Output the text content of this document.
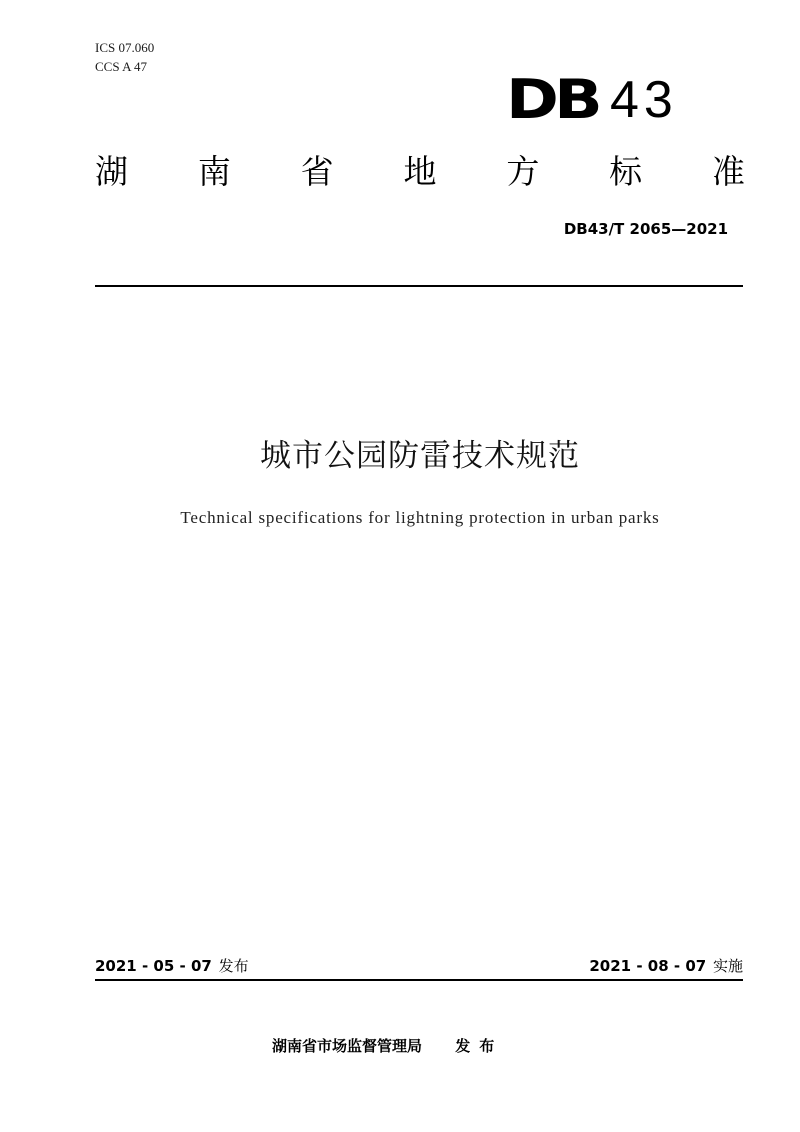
ICS 07.060
CCS A 47
DB 43
湖 南 省 地 方 标 准
DB43/T 2065—2021
城市公园防雷技术规范
Technical specifications for lightning protection in urban parks
2021 - 05 - 07 发布	2021 - 08 - 07 实施
湖南省市场监督管理局 发布
